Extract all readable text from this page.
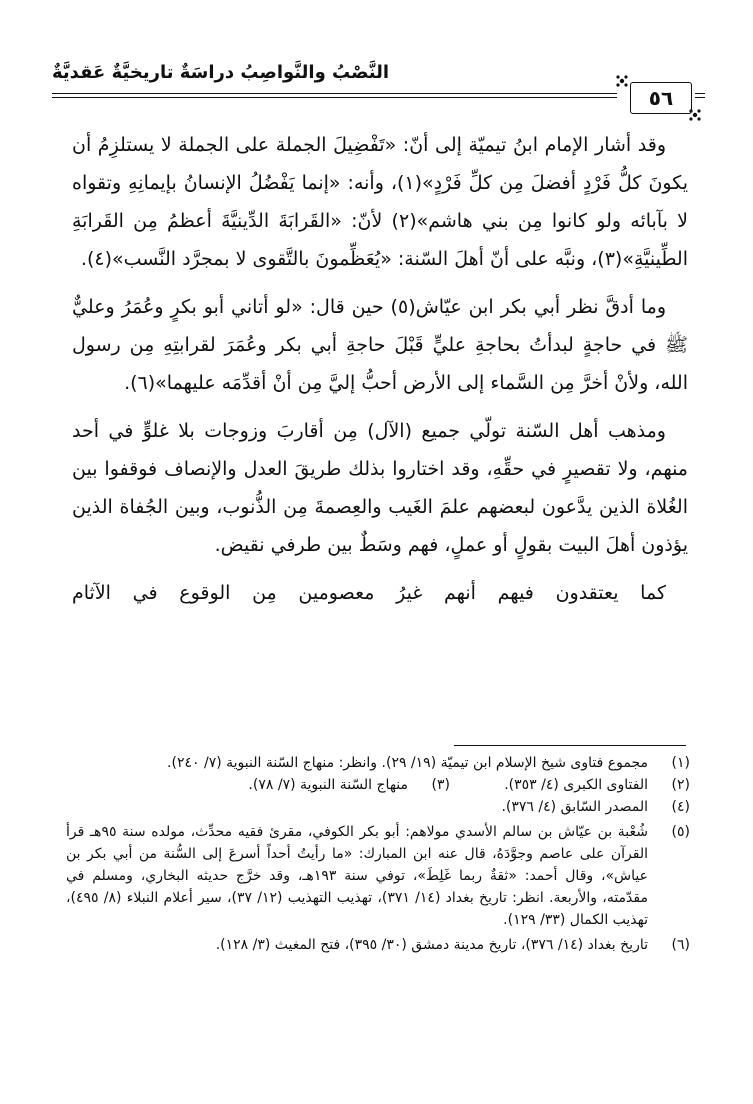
النَّصْبُ والنَّواصِبُ دراسَةٌ تاريخيَّةٌ عَقديَّةٌ
٥٦

وقد أشار الإمام ابنُ تيميّة إلى أنّ: «تَفْضِيلَ الجملة على الجملة لا يستلزِمُ أن يكونَ كلُّ فَرْدٍ أفضلَ مِن كلِّ فَرْدٍ»(١)، وأنه: «إنما يَفْضُلُ الإنسانُ بإيمانِهِ وتقواه لا بآبائه ولو كانوا مِن بني هاشم»(٢) لأنّ: «القَرابَةَ الدِّينيَّةَ أعظمُ مِن القَرابَةِ الطِّينيَّةِ»(٣)، ونبَّه على أنّ أهلَ السّنة: «يُعَظِّمونَ بالتَّقوى لا بمجرَّد النَّسب»(٤).

وما أدقَّ نظر أبي بكر ابن عيّاش(٥) حين قال: «لو أتاني أبو بكرٍ وعُمَرُ وعليٌّ ﷺ في حاجةٍ لبدأتُ بحاجةِ عليٍّ قَبْلَ حاجةِ أبي بكر وعُمَرَ لقرابتِهِ مِن رسول الله، ولأنْ أخرَّ مِن السَّماء إلى الأرض أحبُّ إليَّ مِن أنْ أقدِّمَه عليهما»(٦).

ومذهب أهل السّنة تولّي جميع (الآل) مِن أقاربَ وزوجات بلا غلوٍّ في أحد منهم، ولا تقصيرٍ في حقِّهِ، وقد اختاروا بذلك طريقَ العدل والإنصاف فوقفوا بين الغُلاة الذين يدَّعون لبعضهم علمَ الغَيب والعِصمةَ مِن الذُّنوب، وبين الجُفاة الذين يؤذون أهلَ البيت بقولٍ أو عملٍ، فهم وسَطٌ بين طرفي نقيض.

كما يعتقدون فيهم أنهم غيرُ معصومين مِن الوقوع في الآثام

(١)
مجموع فتاوى شيخ الإسلام ابن تيميّة (١٩/ ٢٩). وانظر: منهاج السّنة النبوية (٧/ ٢٤٠).
(٢)
الفتاوى الكبرى (٤/ ٣٥٣).
(٣)
منهاج السّنة النبوية (٧/ ٧٨).
(٤)
المصدر السّابق (٤/ ٣٧٦).
(٥)
شُعْبة بن عيّاش بن سالم الأسدي مولاهم: أبو بكر الكوفي، مقرئ فقيه محدِّث، مولده سنة ٩٥هـ قرأ القرآن على عاصم وجوَّدَهُ، قال عنه ابن المبارك: «ما رأيتُ أحداً أسرعَ إلى السُّنة من أبي بكر بن عياش»، وقال أحمد: «ثقةٌ ربما غَلِطَ»، توفي سنة ١٩٣هـ، وقد خرَّج حديثه البخاري، ومسلم في مقدّمته، والأربعة. انظر: تاريخ بغداد (١٤/ ٣٧١)، تهذيب التهذيب (١٢/ ٣٧)، سير أعلام النبلاء (٨/ ٤٩٥)، تهذيب الكمال (٣٣/ ١٢٩).
(٦)
تاريخ بغداد (١٤/ ٣٧٦)، تاريخ مدينة دمشق (٣٠/ ٣٩٥)، فتح المغيث (٣/ ١٢٨).
